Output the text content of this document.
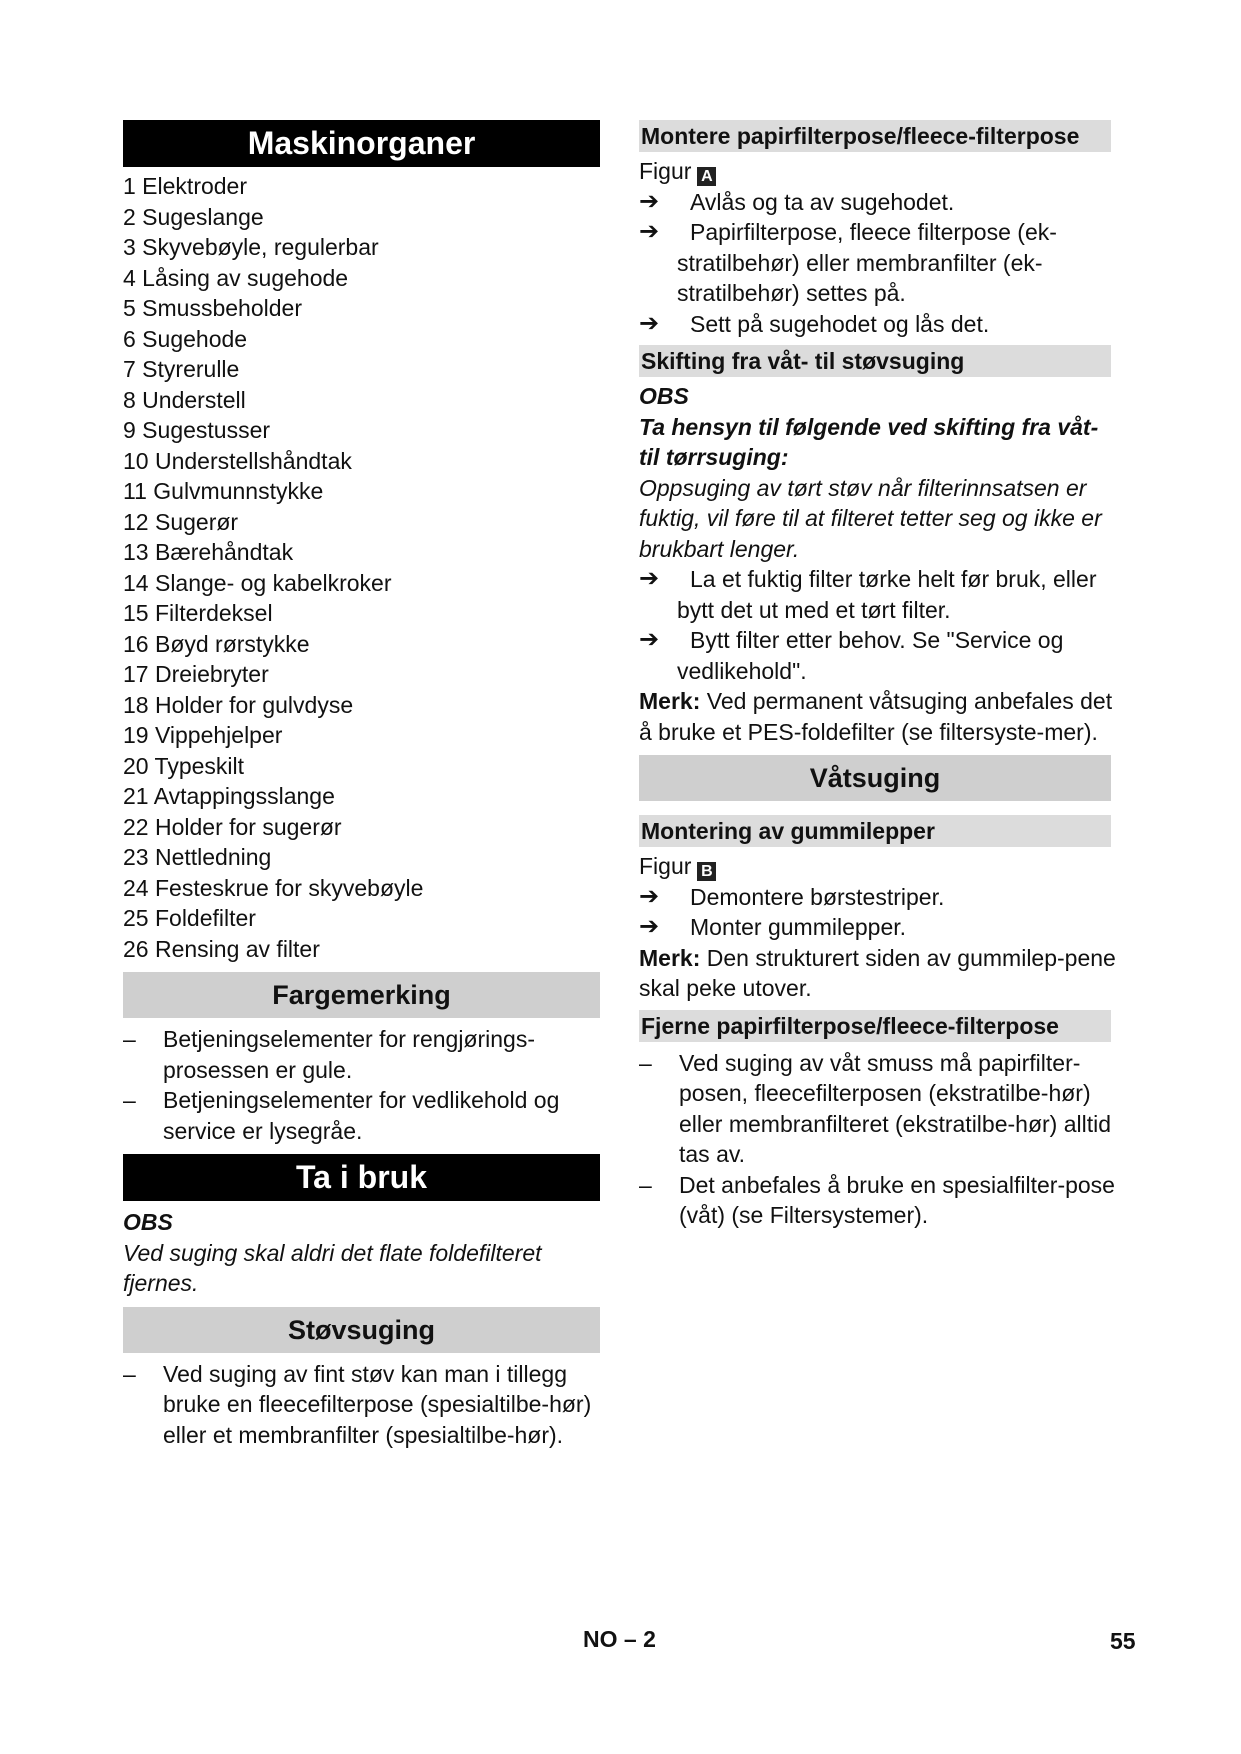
Maskinorganer
1 Elektroder
2 Sugeslange
3 Skyvebøyle, regulerbar
4 Låsing av sugehode
5 Smussbeholder
6 Sugehode
7 Styrerulle
8 Understell
9 Sugestusser
10 Understellshåndtak
11 Gulvmunnstykke
12 Sugerør
13 Bærehåndtak
14 Slange- og kabelkroker
15 Filterdeksel
16 Bøyd rørstykke
17 Dreiebryter
18 Holder for gulvdyse
19 Vippehjelper
20 Typeskilt
21 Avtappingsslange
22 Holder for sugerør
23 Nettledning
24 Festeskrue for skyvebøyle
25 Foldefilter
26 Rensing av filter
Fargemerking
– Betjeningselementer for rengjørings-prosessen er gule.
– Betjeningselementer for vedlikehold og service er lysegråe.
Ta i bruk

OBS

Ved suging skal aldri det flate foldefilteret fjernes.

Støvsuging
– Ved suging av fint støv kan man i tillegg bruke en fleecefilterpose (spesialtilbe-hør) eller et membranfilter (spesialtilbe-hør).
Montere papirfilterpose/fleece-filterpose

Figur A

➔ Avlås og ta av sugehodet.
➔ Papirfilterpose, fleece filterpose (ek-stratilbehør) eller membranfilter (ek-stratilbehør) settes på.
➔ Sett på sugehodet og lås det.
Skifting fra våt- til støvsuging

OBS

Ta hensyn til følgende ved skifting fra våt- til tørrsuging:

Oppsuging av tørt støv når filterinnsatsen er fuktig, vil føre til at filteret tetter seg og ikke er brukbart lenger.

➔ La et fuktig filter tørke helt før bruk, eller bytt det ut med et tørt filter.
➔ Bytt filter etter behov. Se "Service og vedlikehold".

Merk: Ved permanent våtsuging anbefales det å bruke et PES-foldefilter (se filtersyste-mer).

Våtsuging
Montering av gummilepper

Figur B

➔ Demontere børstestriper.
➔ Monter gummilepper.

Merk: Den strukturert siden av gummilep-pene skal peke utover.

Fjerne papirfilterpose/fleece-filterpose
– Ved suging av våt smuss må papirfilter-posen, fleecefilterposen (ekstratilbe-hør) eller membranfilteret (ekstratilbe-hør) alltid tas av.
– Det anbefales å bruke en spesialfilter-pose (våt) (se Filtersystemer).
NO – 2	55
